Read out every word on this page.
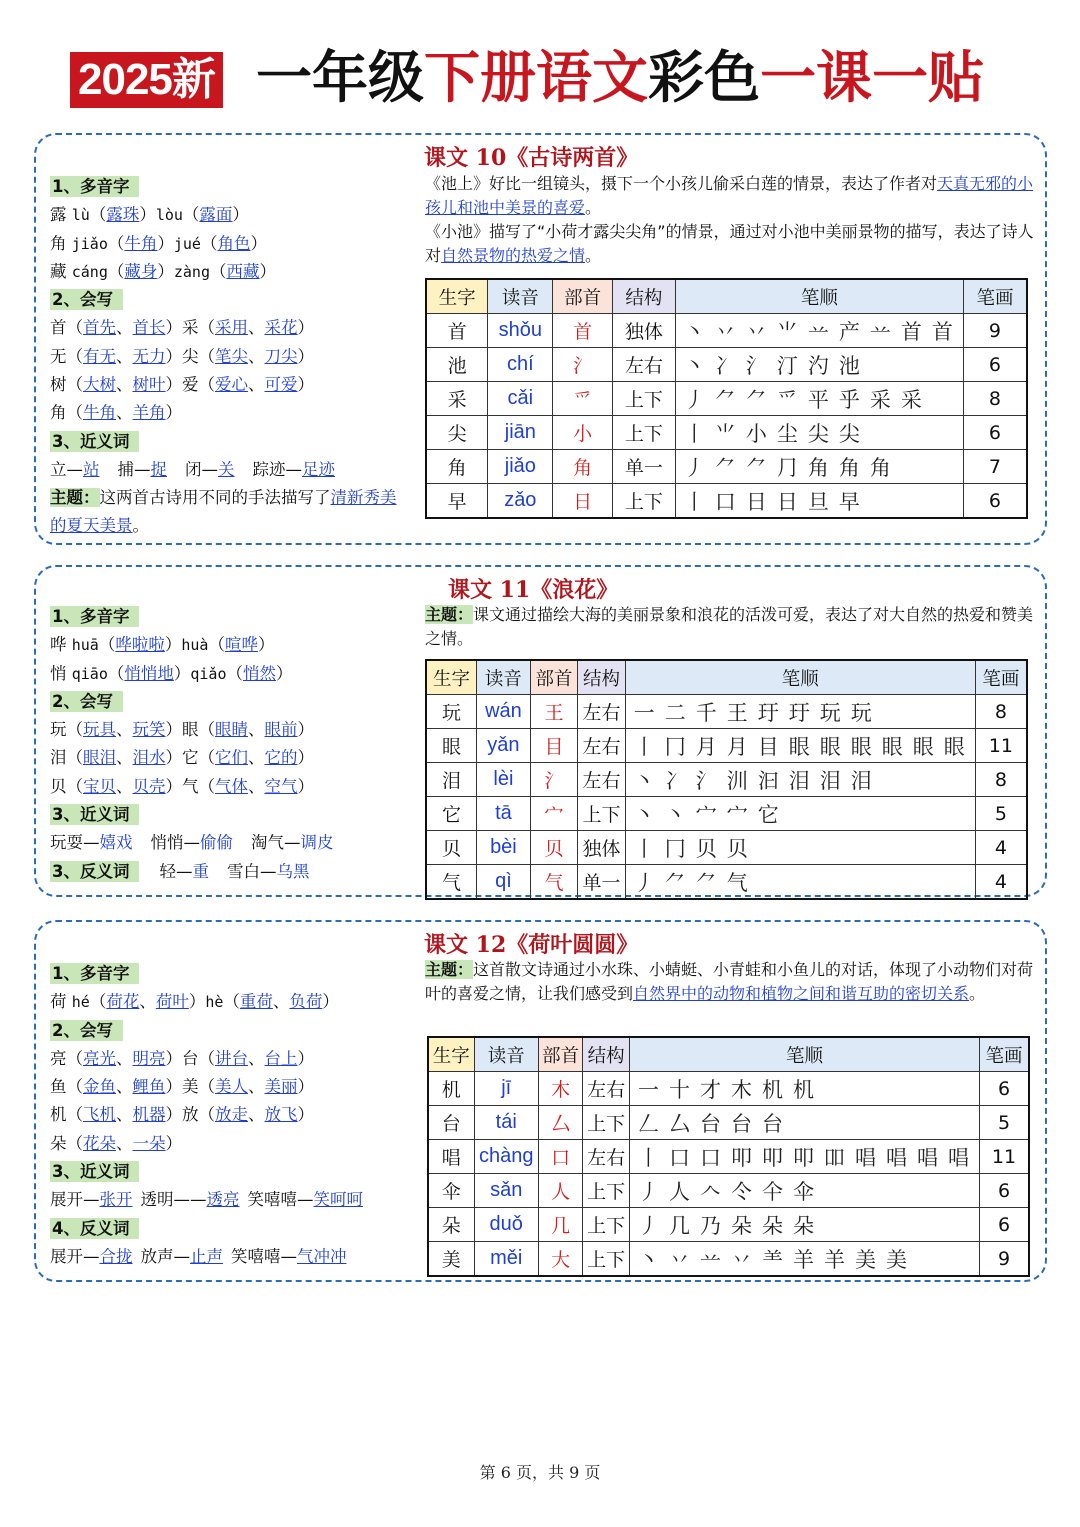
2025新 一年级下册语文彩色一课一贴
1、多音字
露 lù（露珠）lòu（露面）
角 jiǎo（牛角）jué（角色）
藏 cáng（藏身）zàng（西藏）
2、会写
首（首先、首长）采（采用、采花）
无（有无、无力）尖（笔尖、刀尖）
树（大树、树叶）爱（爱心、可爱）
角（牛角、羊角）
3、近义词
立—站 捕—捉 闭—关 踪迹—足迹
主题：这两首古诗用不同的手法描写了清新秀美的夏天美景。
课文 10《古诗两首》
《池上》好比一组镜头，摄下一个小孩儿偷采白莲的情景，表达了作者对天真无邪的小孩儿和池中美景的喜爱。
《小池》描写了“小荷才露尖尖角”的情景，通过对小池中美丽景物的描写，表达了诗人对自然景物的热爱之情。
生字	读音	部首	结构	笔顺	笔画
首	shǒu	首	独体	丶丷丷⺌䒑产䒑首首	9
池	chí	氵	左右	丶冫氵汀汋池	6
采	cǎi	爫	上下	丿⺈⺈爫平乎采采	8
尖	jiān	小	上下	丨⺌小尘尖尖	6
角	jiǎo	角	单一	丿⺈⺈⺆角角角	7
早	zǎo	日	上下	丨口日日旦早	6
1、多音字
哗 huā（哗啦啦）huà（喧哗）
悄 qiāo（悄悄地）qiǎo（悄然）
2、会写
玩（玩具、玩笑）眼（眼睛、眼前）
泪（眼泪、泪水）它（它们、它的）
贝（宝贝、贝壳）气（气体、空气）
3、近义词
玩耍—嬉戏 悄悄—偷偷 淘气—调皮
3、反义词 轻—重 雪白—乌黑
课文 11《浪花》
主题：课文通过描绘大海的美丽景象和浪花的活泼可爱，表达了对大自然的热爱和赞美之情。
生字	读音	部首	结构	笔顺	笔画
玩	wán	王	左右	一二千王玗玗玩玩	8
眼	yǎn	目	左右	丨冂月月目眼眼眼眼眼眼	11
泪	lèi	氵	左右	丶冫氵汌汩泪泪泪	8
它	tā	宀	上下	丶丶宀宀它	5
贝	bèi	贝	独体	丨冂贝贝	4
气	qì	气	单一	丿⺈⺈气	4
1、多音字
荷 hé（荷花、荷叶）hè（重荷、负荷）
2、会写
亮（亮光、明亮）台（讲台、台上）
鱼（金鱼、鲤鱼）美（美人、美丽）
机（飞机、机器）放（放走、放飞）
朵（花朵、一朵）
3、近义词
展开—张开 透明——透亮 笑嘻嘻—笑呵呵
4、反义词
展开—合拢 放声—止声 笑嘻嘻—气冲冲
课文 12《荷叶圆圆》
主题：这首散文诗通过小水珠、小蜻蜓、小青蛙和小鱼儿的对话，体现了小动物们对荷叶的喜爱之情，让我们感受到自然界中的动物和植物之间和谐互助的密切关系。
生字	读音	部首	结构	笔顺	笔画
机	jī	木	左右	一十才木机机	6
台	tái	厶	上下	𠃋厶台台台	5
唱	chàng	口	左右	丨口口叩叩叩吅唱唱唱唱	11
伞	sǎn	人	上下	丿人𠆢仒仐伞	6
朵	duǒ	几	上下	丿几乃朵朵朵	6
美	měi	大	上下	丶丷䒑丷⺷羊羊美美	9
第 6 页，共 9 页
